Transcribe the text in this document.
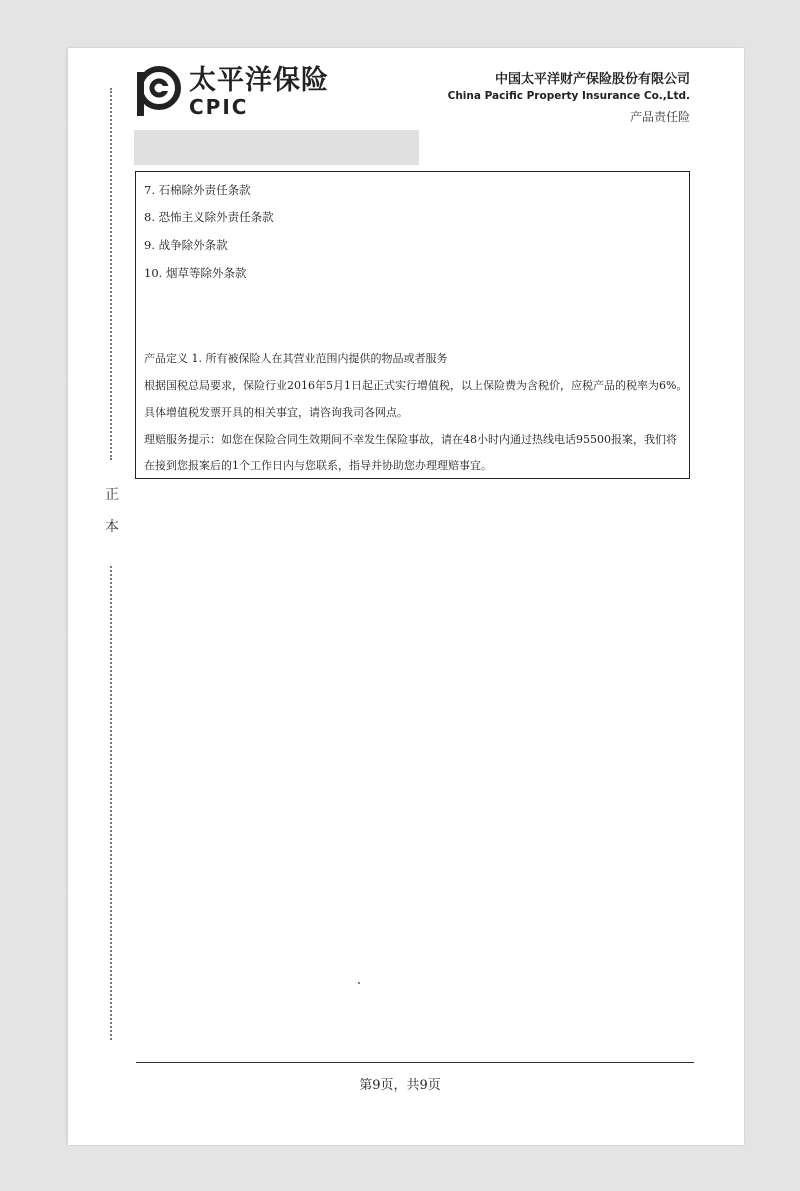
正
本
太平洋保险
CPIC
中国太平洋财产保险股份有限公司
China Pacific Property Insurance Co.,Ltd.
产品责任险
7. 石棉除外责任条款
8. 恐怖主义除外责任条款
9. 战争除外条款
10. 烟草等除外条款
产品定义 1. 所有被保险人在其营业范围内提供的物品或者服务
根据国税总局要求，保险行业2016年5月1日起正式实行增值税，以上保险费为含税价，应税产品的税率为6%。
具体增值税发票开具的相关事宜，请咨询我司各网点。
理赔服务提示：如您在保险合同生效期间不幸发生保险事故，请在48小时内通过热线电话95500报案，我们将
在接到您报案后的1个工作日内与您联系，指导并协助您办理理赔事宜。
第9页，共9页
